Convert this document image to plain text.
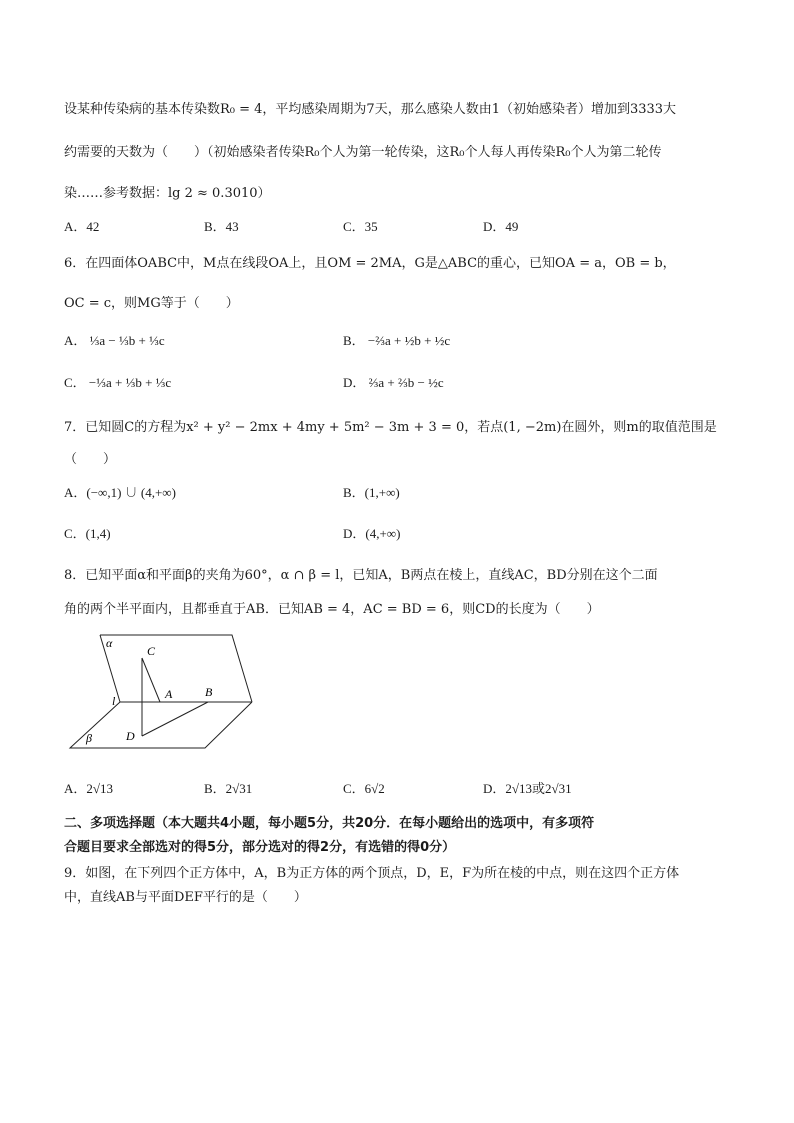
设某种传染病的基本传染数R₀ = 4，平均感染周期为7天，那么感染人数由1（初始感染者）增加到3333大
约需要的天数为（　　）（初始感染者传染R₀个人为第一轮传染，这R₀个人每人再传染R₀个人为第二轮传
染……参考数据：lg 2 ≈ 0.3010）
A．42	B．43	C．35	D．49
6．在四面体OABC中，M点在线段OA上，且OM = 2MA，G是△ABC的重心，已知OA = a，OB = b，
OC = c，则MG等于（　　）
A． ⅓a − ⅓b + ⅓c	B． −⅔a + ½b + ½c
C． −⅓a + ⅓b + ⅓c	D． ⅔a + ⅔b − ½c
7．已知圆C的方程为x² + y² − 2mx + 4my + 5m² − 3m + 3 = 0，若点(1, −2m)在圆外，则m的取值范围是
（　　）
A．(−∞,1) ∪ (4,+∞)	B．(1,+∞)
C．(1,4)	D．(4,+∞)
8．已知平面α和平面β的夹角为60°，α ∩ β = l，已知A，B两点在棱上，直线AC，BD分别在这个二面
角的两个半平面内，且都垂直于AB．已知AB = 4，AC = BD = 6，则CD的长度为（　　）
α
β
l
C
A	B
D
A．2√13	B．2√31	C．6√2	D．2√13或2√31
二、多项选择题（本大题共4小题，每小题5分，共20分．在每小题给出的选项中，有多项符
合题目要求全部选对的得5分，部分选对的得2分，有选错的得0分）
9．如图，在下列四个正方体中，A，B为正方体的两个顶点，D，E，F为所在棱的中点，则在这四个正方体
中，直线AB与平面DEF平行的是（　　）
